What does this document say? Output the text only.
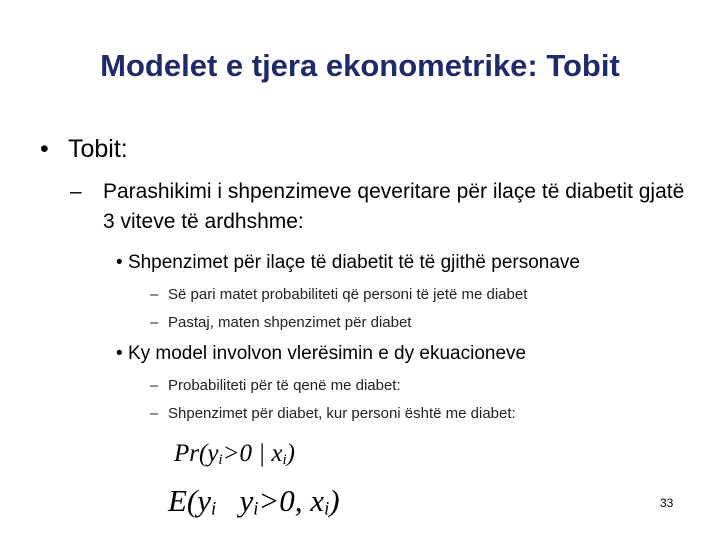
Modelet e tjera ekonometrike: Tobit
• Tobit:
–	Parashikimi i shpenzimeve qeveritare për ilaçe të diabetit gjatë 3 viteve të ardhshme:
• Shpenzimet për ilaçe të diabetit të të gjithë personave
– Së pari matet probabiliteti që personi të jetë me diabet
– Pastaj, maten shpenzimet për diabet
• Ky model involvon vlerësimin e dy ekuacioneve
– Probabiliteti për të qenë me diabet:
– Shpenzimet për diabet, kur personi është me diabet:
$Pr(y_i>0$ | $x_i$)
$E(y_i$ $y_i>0$, $x_i$)	33
